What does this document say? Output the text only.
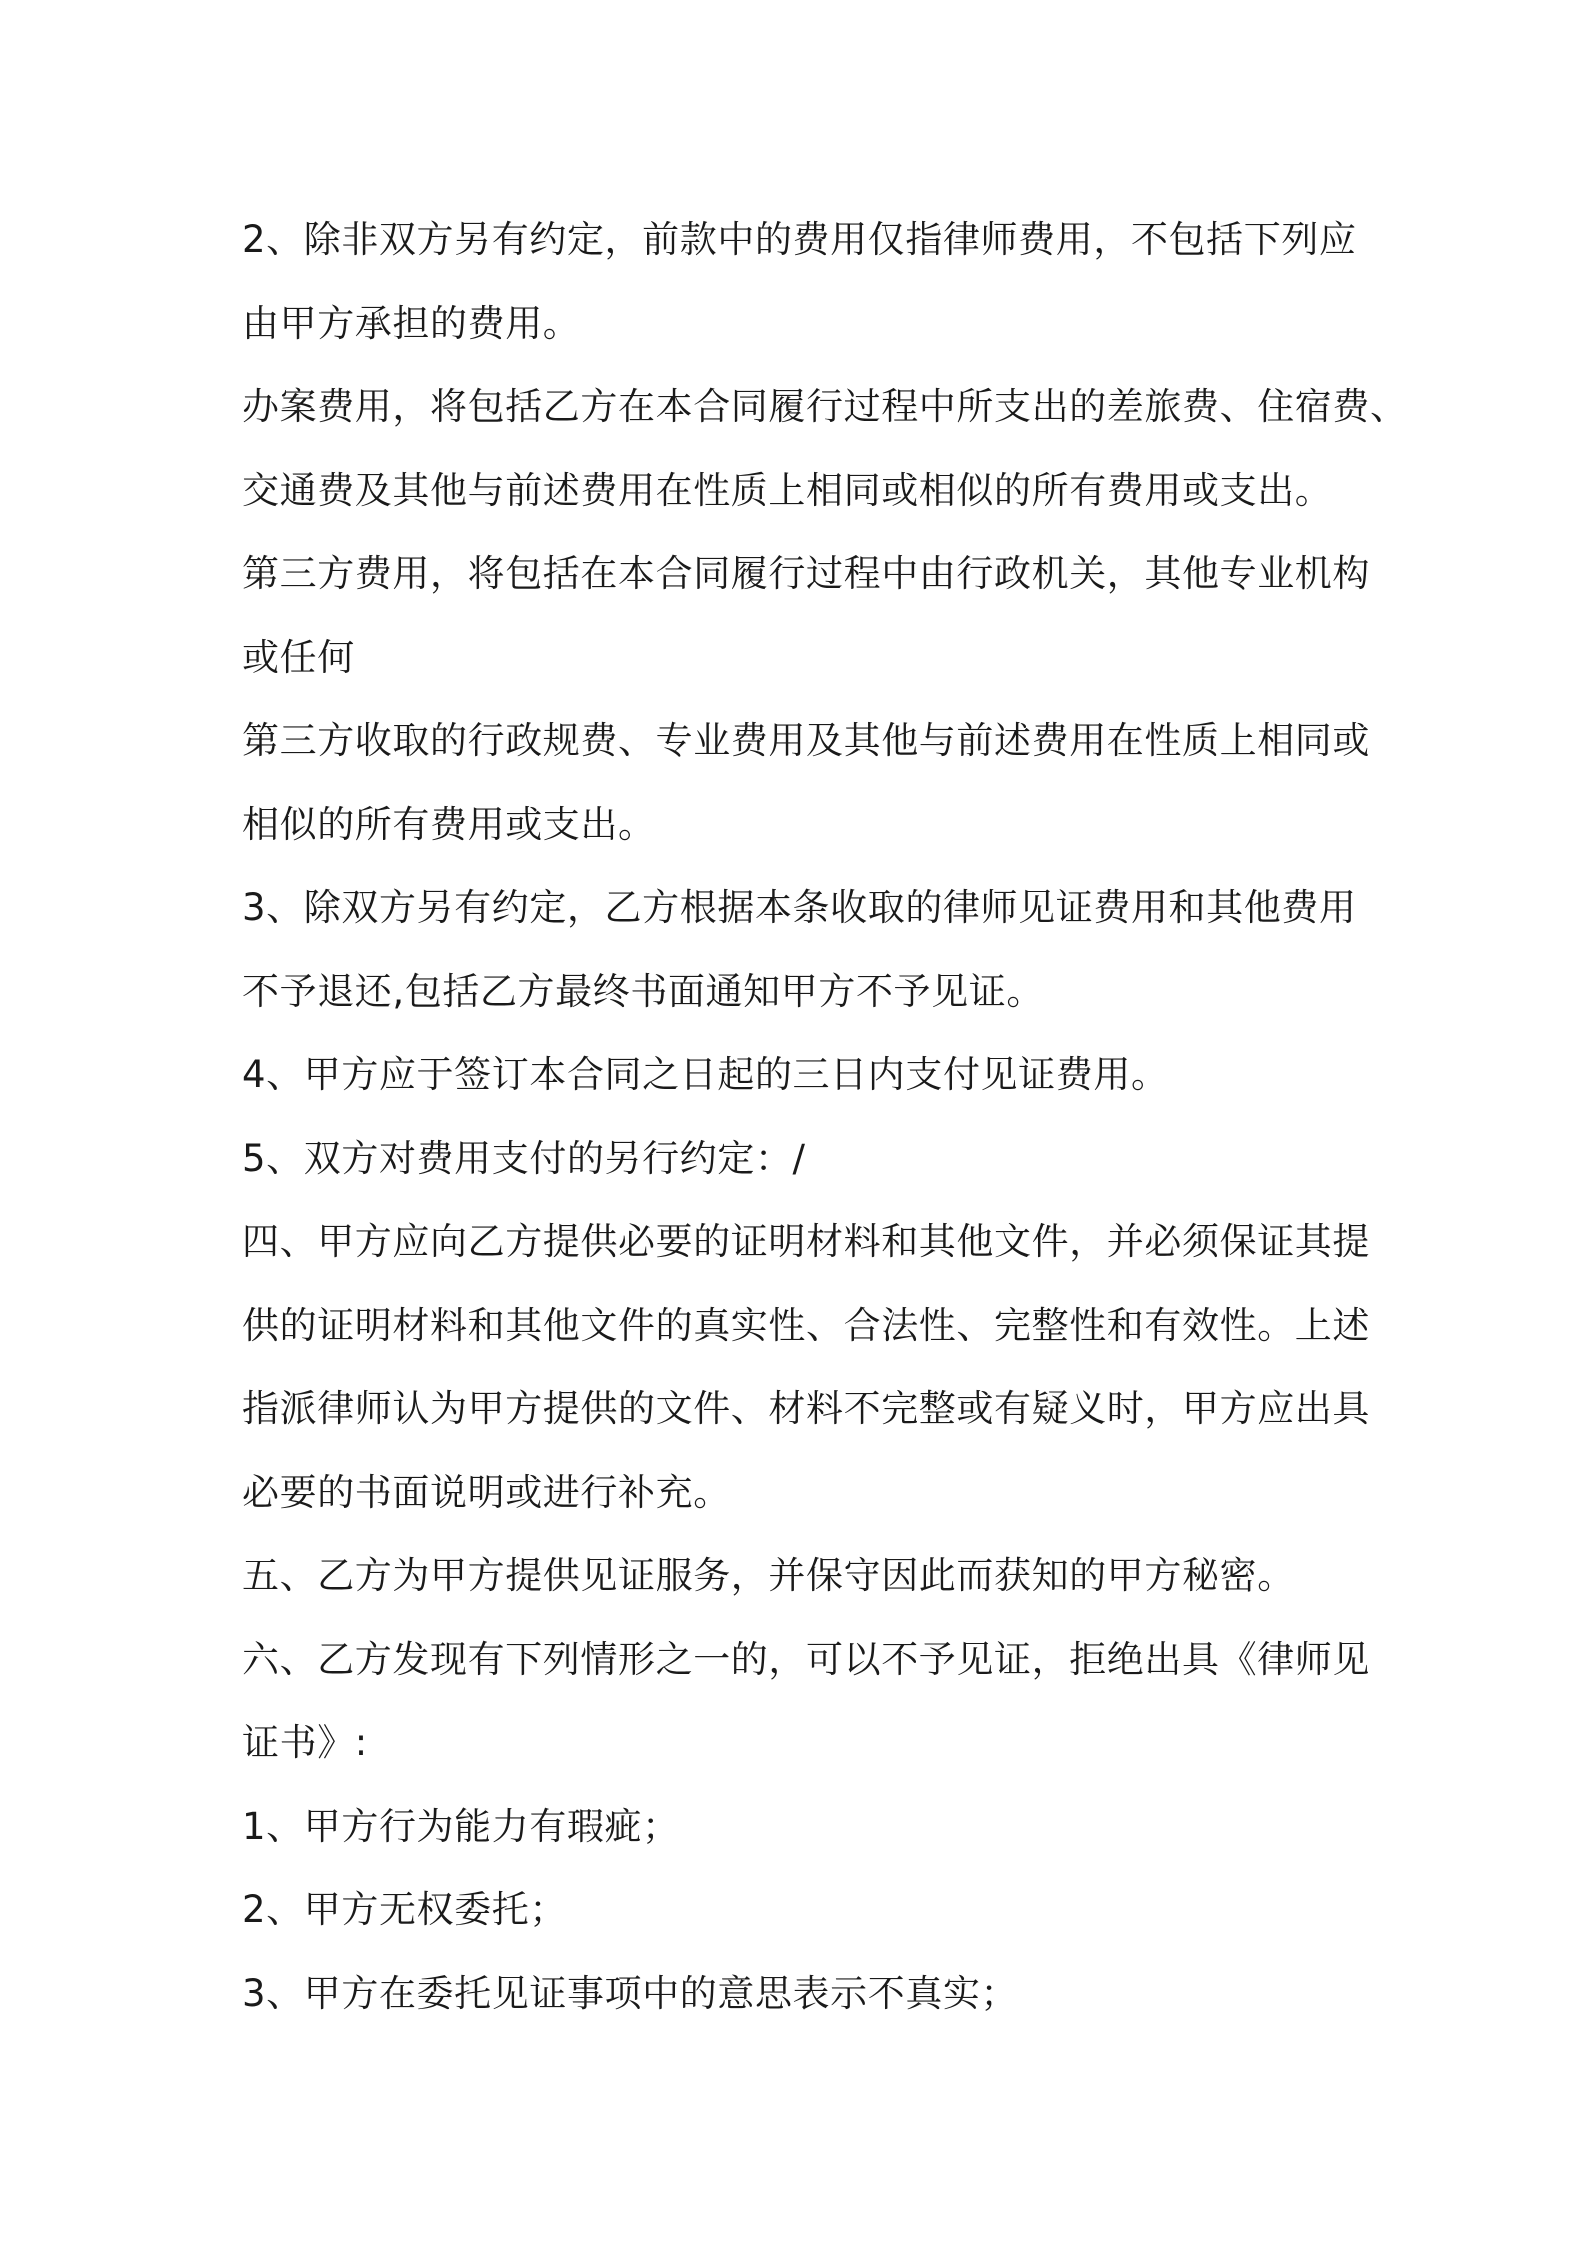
2、除非双方另有约定，前款中的费用仅指律师费用，不包括下列应
由甲方承担的费用。
办案费用，将包括乙方在本合同履行过程中所支出的差旅费、住宿费、
交通费及其他与前述费用在性质上相同或相似的所有费用或支出。
第三方费用，将包括在本合同履行过程中由行政机关，其他专业机构
或任何
第三方收取的行政规费、专业费用及其他与前述费用在性质上相同或
相似的所有费用或支出。
3、除双方另有约定，乙方根据本条收取的律师见证费用和其他费用
不予退还,包括乙方最终书面通知甲方不予见证。
4、甲方应于签订本合同之日起的三日内支付见证费用。
5、双方对费用支付的另行约定：/
四、甲方应向乙方提供必要的证明材料和其他文件，并必须保证其提
供的证明材料和其他文件的真实性、合法性、完整性和有效性。上述
指派律师认为甲方提供的文件、材料不完整或有疑义时，甲方应出具
必要的书面说明或进行补充。
五、乙方为甲方提供见证服务，并保守因此而获知的甲方秘密。
六、乙方发现有下列情形之一的，可以不予见证，拒绝出具《律师见
证书》:
1、甲方行为能力有瑕疵；
2、甲方无权委托；
3、甲方在委托见证事项中的意思表示不真实；
